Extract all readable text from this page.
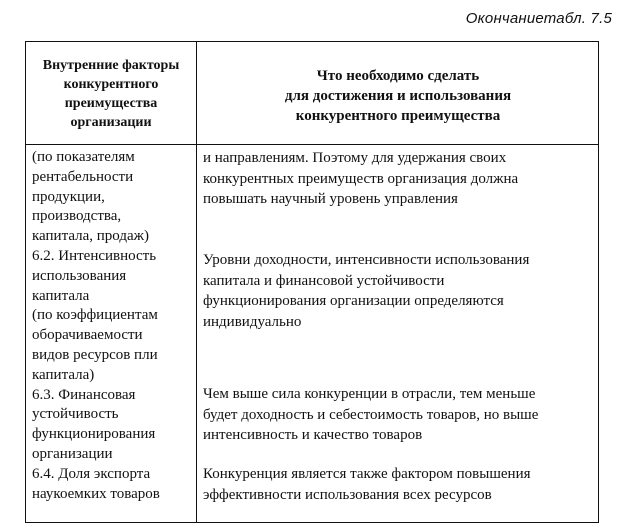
Окончаниетабл. 7.5
Внутренние факторы
конкурентного
преимущества
организации
Что необходимо сделать
для достижения и использования
конкурентного преимущества
(по показателям
рентабельности
продукции,
производства,
капитала, продаж)
6.2. Интенсивность
использования
капитала
(по коэффициентам
оборачиваемости
видов ресурсов пли
капитала)
6.3. Финансовая
устойчивость
функционирования
организации
6.4. Доля экспорта
наукоемких товаров
и направлениям. Поэтому для удержания своих
конкурентных преимуществ организация должна
повышать научный уровень управления
Уровни доходности, интенсивности использования
капитала и финансовой устойчивости
функционирования организации определяются
индивидуально
Чем выше сила конкуренции в отрасли, тем меньше
будет доходность и себестоимость товаров, но выше
интенсивность и качество товаров
Конкуренция является также фактором повышения
эффективности использования всех ресурсов
